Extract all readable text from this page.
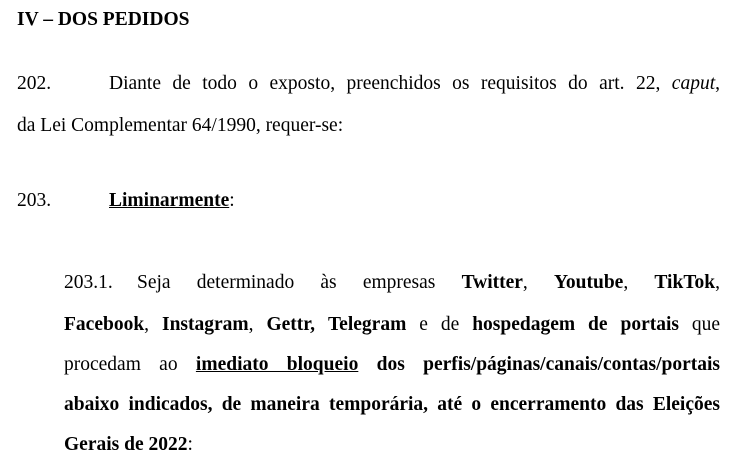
IV – DOS PEDIDOS
202.	Diante de todo o exposto, preenchidos os requisitos do art. 22, caput,
da Lei Complementar 64/1990, requer-se:
203.	Liminarmente:
203.1. Seja determinado às empresas Twitter, Youtube, TikTok,
Facebook, Instagram, Gettr, Telegram e de hospedagem de portais que
procedam ao imediato bloqueio dos perfis/páginas/canais/contas/portais
abaixo indicados, de maneira temporária, até o encerramento das Eleições
Gerais de 2022:
